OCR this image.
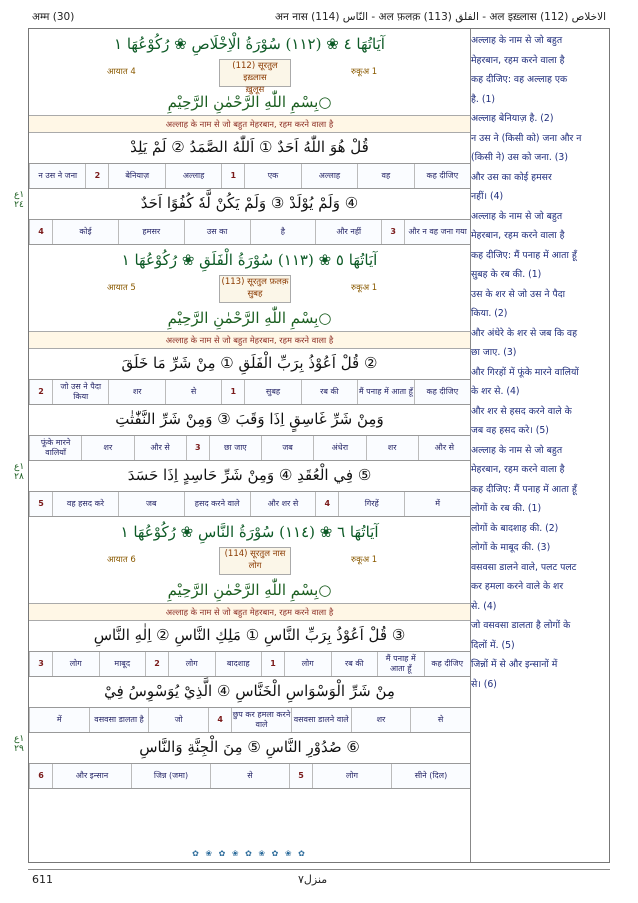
अन नास (114) النّاس - अल फ़लक़ (113) الفلق - अल इख़्लास (112) الاخلاص
अम्म (30)
آیَاتُهَا ٤ ❀ (١١٢) سُوْرَةُ الْاِخْلَاصِ ❀ رُكُوْعُهَا ١
आयात 4
(112) सूरतुल इख़्लास
ख़ुलूस
रुकूअ 1
بِسْمِ اللّٰهِ الرَّحْمٰنِ الرَّحِيْمِ○
अल्लाह के नाम से जो बहुत मेहरबान, रहम करने वाला है
قُلْ هُوَ اللّٰهُ اَحَدٌ ① اَللّٰهُ الصَّمَدُ ② لَمْ يَلِدْ
कह दीजिए
वह
अल्लाह
एक
1
अल्लाह
बेनियाज़
2
न उस ने जना
وَلَمْ يُوْلَدْ ③ وَلَمْ يَكُنْ لَّهٗ كُفُوًا اَحَدٌ ④
और न वह जना गया
3
और नहीं
है
उस का
हमसर
कोई
4
آیَاتُهَا ٥ ❀ (١١٣) سُوْرَةُ الْفَلَقِ ❀ رُكُوْعُهَا ١
आयात 5
(113) सूरतुल फ़लक़
सुबह
रुकूअ 1
بِسْمِ اللّٰهِ الرَّحْمٰنِ الرَّحِيْمِ○
अल्लाह के नाम से जो बहुत मेहरबान, रहम करने वाला है
قُلْ اَعُوْذُ بِرَبِّ الْفَلَقِ ① مِنْ شَرِّ مَا خَلَقَ ②
कह दीजिए
मैं पनाह में आता हूँ
रब की
सुबह
1
से
शर
जो उस ने पैदा किया
2
وَمِنْ شَرِّ غَاسِقٍ اِذَا وَقَبَ ③ وَمِنْ شَرِّ النَّفّٰثٰتِ
और से
शर
अंधेरा
जब
छा जाए
3
और से
शर
फूंके मारने वालियाँ
فِي الْعُقَدِ ④ وَمِنْ شَرِّ حَاسِدٍ اِذَا حَسَدَ ⑤
में
गिरहें
4
और शर से
हसद करने वाले
जब
वह हसद करे
5
آیَاتُهَا ٦ ❀ (١١٤) سُوْرَةُ النَّاسِ ❀ رُكُوْعُهَا ١
आयात 6
(114) सूरतुल नास
लोग
रुकूअ 1
بِسْمِ اللّٰهِ الرَّحْمٰنِ الرَّحِيْمِ○
अल्लाह के नाम से जो बहुत मेहरबान, रहम करने वाला है
قُلْ اَعُوْذُ بِرَبِّ النَّاسِ ① مَلِكِ النَّاسِ ② اِلٰهِ النَّاسِ ③
कह दीजिए
मैं पनाह में आता हूँ
रब की
लोग
1
बादशाह
लोग
2
माबूद
लोग
3
مِنْ شَرِّ الْوَسْوَاسِ الْخَنَّاسِ ④ الَّذِيْ يُوَسْوِسُ فِيْ
से
शर
वसवसा डालने वाले
छुप कर हमला करने वाले
4
जो
वसवसा डालता है
में
صُدُوْرِ النَّاسِ ⑤ مِنَ الْجِنَّةِ وَالنَّاسِ ⑥
सीने (दिल)
लोग
5
से
जिन्न (जमा)
और इन्सान
6
✿ ❀ ✿ ❀ ✿ ❀ ✿ ❀ ✿
अल्लाह के नाम से जो बहुत
मेहरबान, रहम करने वाला है
कह दीजिए: वह अल्लाह एक
है. (1)
अल्लाह बेनियाज़ है. (2)
न उस ने (किसी को) जना और न
(किसी ने) उस को जना. (3)
और उस का कोई हमसर
नहीं। (4)
अल्लाह के नाम से जो बहुत
मेहरबान, रहम करने वाला है
कह दीजिए: मैं पनाह में आता हूँ
सुबह के रब की. (1)
उस के शर से जो उस ने पैदा
किया. (2)
और अंधेरे के शर से जब कि वह
छा जाए. (3)
और गिरहों में फूंके मारने वालियों
के शर से. (4)
और शर से हसद करने वाले के
जब वह हसद करे। (5)
अल्लाह के नाम से जो बहुत
मेहरबान, रहम करने वाला है
कह दीजिए: मैं पनाह में आता हूँ
लोगों के रब की. (1)
लोगों के बादशाह की. (2)
लोगों के माबूद की. (3)
वसवसा डालने वाले, पलट पलट
कर हमला करने वाले के शर
से. (4)
जो वसवसा डालता है लोगों के
दिलों में. (5)
जिन्नों में से और इन्सानों में
से। (6)
١ع ٢٤
١ع ٢٨
١ع ٢٩
611	منزل٧
